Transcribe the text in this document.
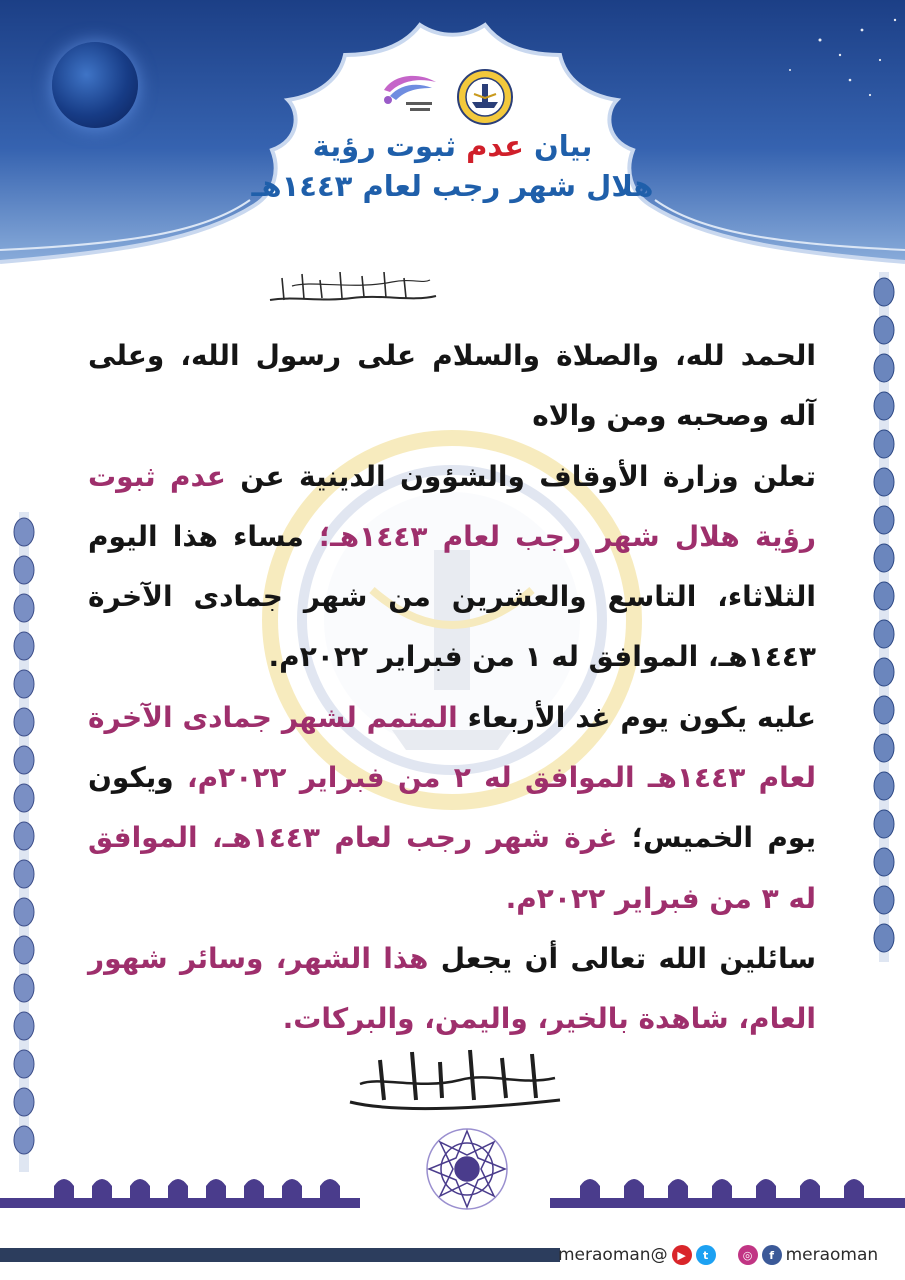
بيان عدم ثبوت رؤية
هلال شهر رجب لعام ١٤٤٣هـ

الحمد لله، والصلاة والسلام على رسول الله، وعلى آله وصحبه ومن والاه

تعلن وزارة الأوقاف والشؤون الدينية عن عدم ثبوت رؤية هلال شهر رجب لعام ١٤٤٣هـ؛ مساء هذا اليوم الثلاثاء، التاسع والعشرين من شهر جمادى الآخرة ١٤٤٣هـ، الموافق له ١ من فبراير ٢٠٢٢م.

عليه يكون يوم غد الأربعاء المتمم لشهر جمادى الآخرة لعام ١٤٤٣هـ الموافق له ٢ من فبراير ٢٠٢٢م، ويكون يوم الخميس؛ غرة شهر رجب لعام ١٤٤٣هـ، الموافق له ٣ من فبراير ٢٠٢٢م.

سائلين الله تعالى أن يجعل هذا الشهر، وسائر شهور العام، شاهدة بالخير، واليمن، والبركات.

meraoman@ ▶	t	◎	f meraoman
